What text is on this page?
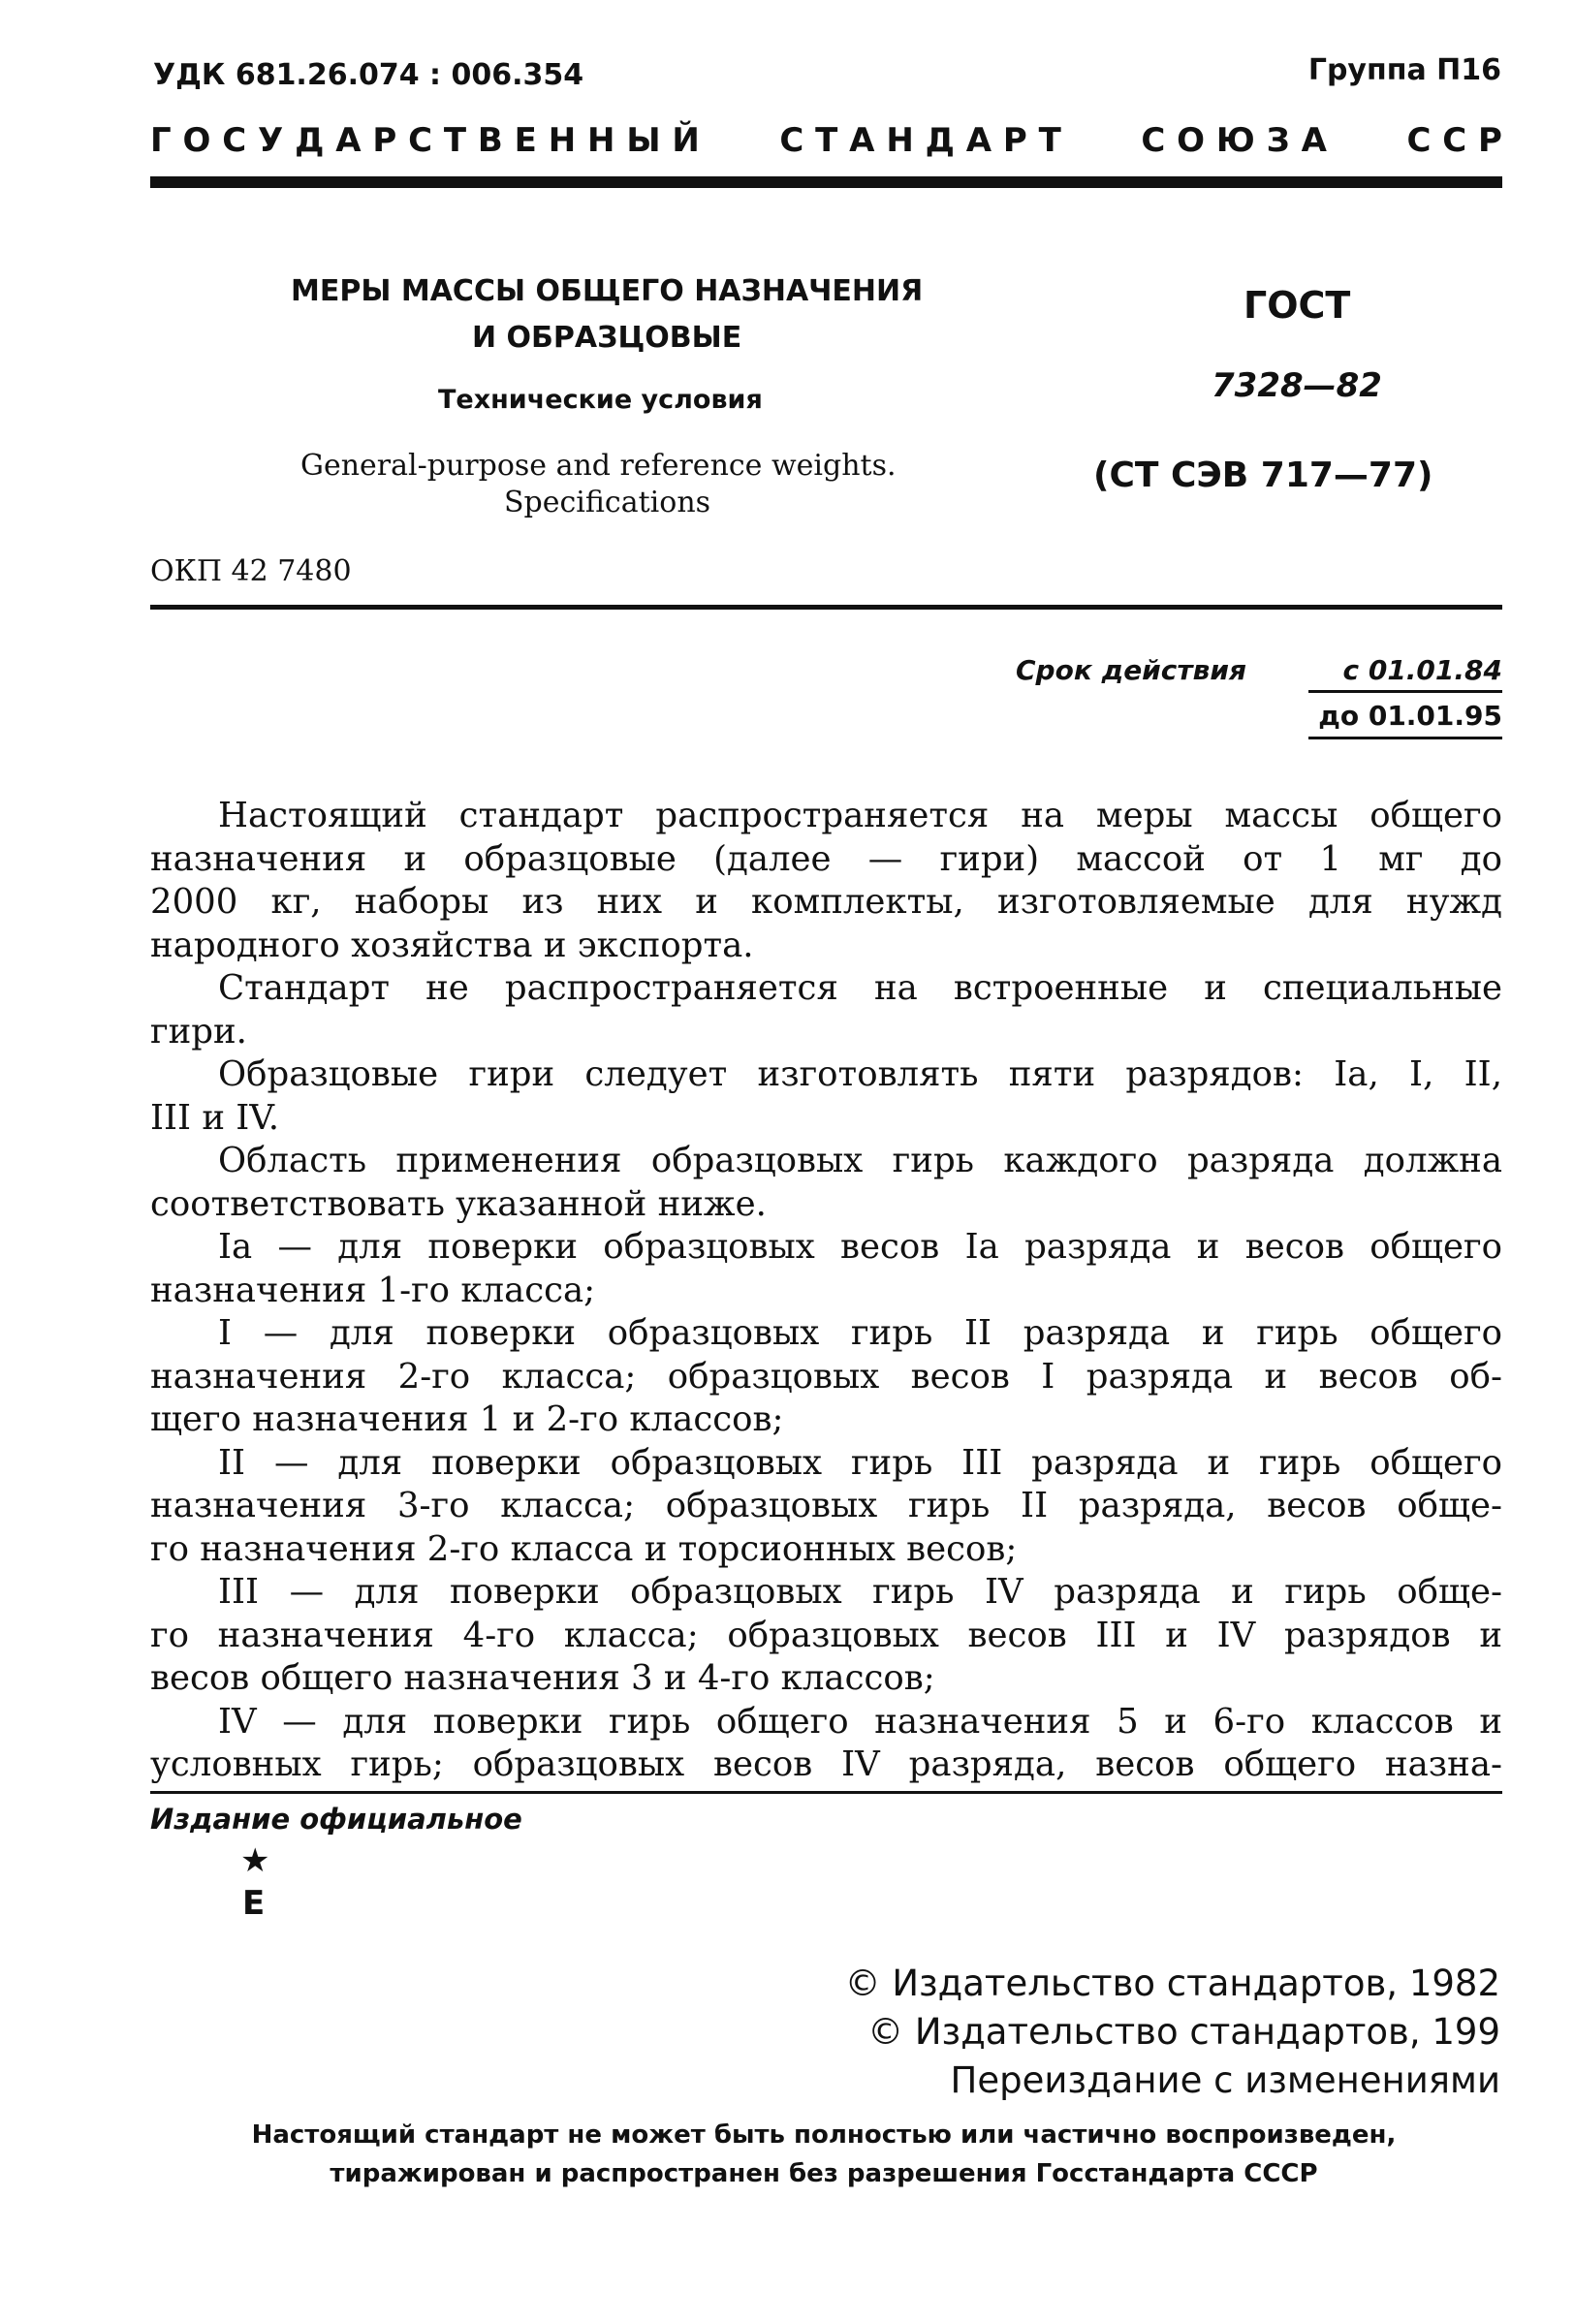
УДК 681.26.074 : 006.354	Группа П16
Г О С У Д А Р С Т В Е Н Н Ы Й С Т А Н Д А Р Т С О Ю З А С С Р
МЕРЫ МАССЫ ОБЩЕГО НАЗНАЧЕНИЯ
И ОБРАЗЦОВЫЕ
Технические условия
General-purpose and reference weights.
Specifications
ОКП 42 7480
ГОСТ
7328—82
(СТ СЭВ 717—77)
Срок действия	с 01.01.84
до 01.01.95

Настоящий стандарт распространяется на меры массы общего

назначения и образцовые (далее — гири) массой от 1 мг до

2000 кг, наборы из них и комплекты, изготовляемые для нужд

народного хозяйства и экспорта.

Стандарт не распространяется на встроенные и специальные

гири.

Образцовые гири следует изготовлять пяти разрядов: Iа, I, II,

III и IV.

Область применения образцовых гирь каждого разряда должна

соответствовать указанной ниже.

Iа — для поверки образцовых весов Iа разряда и весов общего

назначения 1-го класса;

I — для поверки образцовых гирь II разряда и гирь общего

назначения 2-го класса; образцовых весов I разряда и весов об-

щего назначения 1 и 2-го классов;

II — для поверки образцовых гирь III разряда и гирь общего

назначения 3-го класса; образцовых гирь II разряда, весов обще-

го назначения 2-го класса и торсионных весов;

III — для поверки образцовых гирь IV разряда и гирь обще-

го назначения 4-го класса; образцовых весов III и IV разрядов и

весов общего назначения 3 и 4-го классов;

IV — для поверки гирь общего назначения 5 и 6-го классов и

условных гирь; образцовых весов IV разряда, весов общего назна-

Издание официальное
★
Е
© Издательство стандартов, 1982
© Издательство стандартов, 199
Переиздание с изменениями
Настоящий стандарт не может быть полностью или частично воспроизведен,
тиражирован и распространен без разрешения Госстандарта СССР
